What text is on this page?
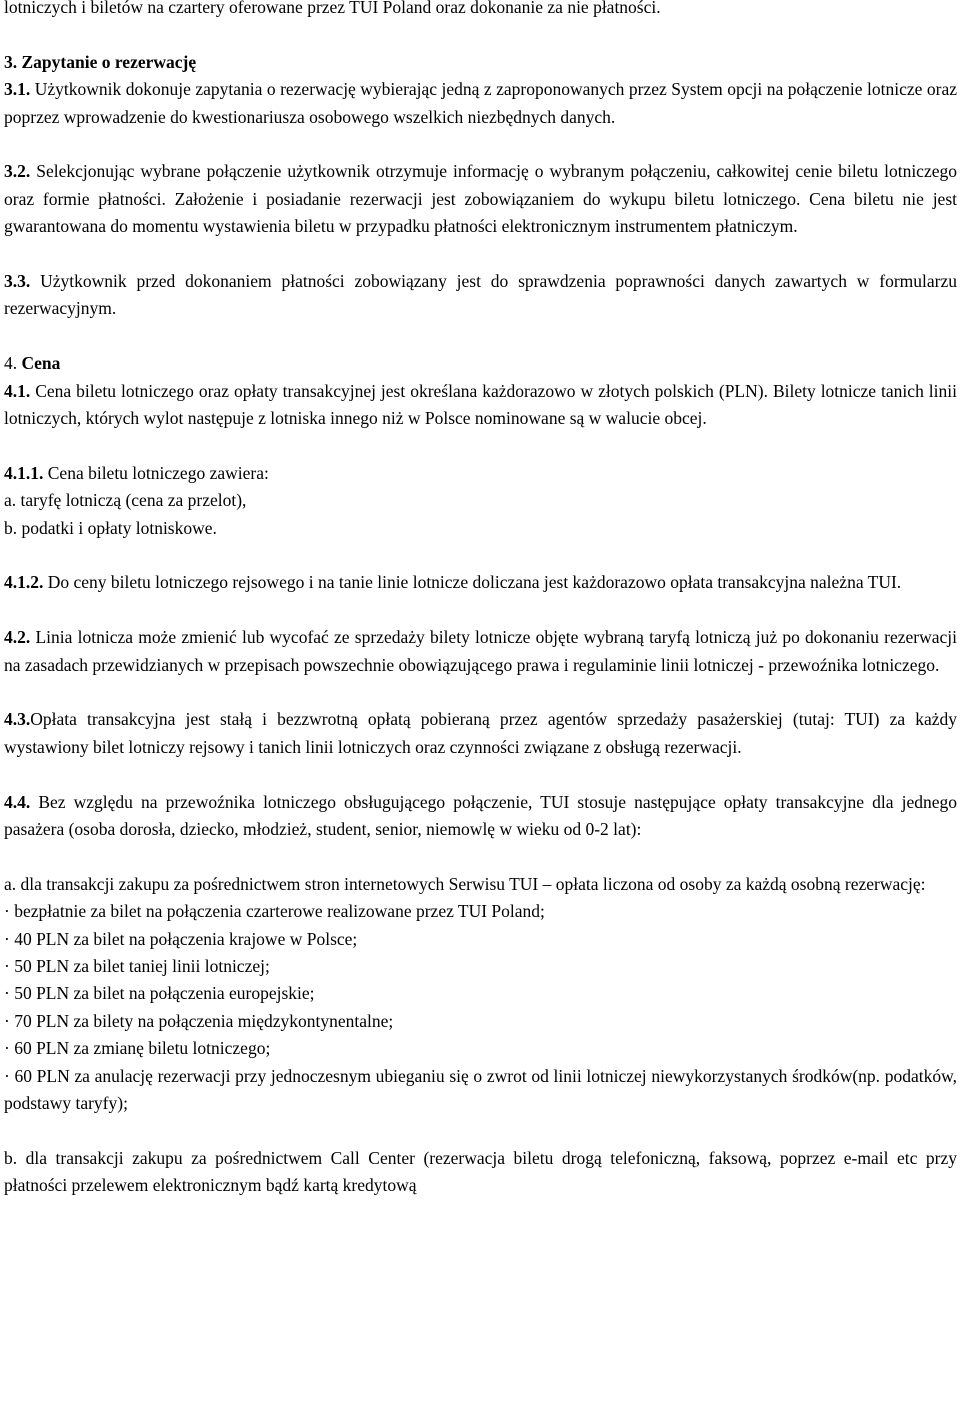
lotniczych i biletów na czartery oferowane przez TUI Poland oraz dokonanie za nie płatności.

3. Zapytanie o rezerwację

3.1. Użytkownik dokonuje zapytania o rezerwację wybierając jedną z zaproponowanych przez System opcji na połączenie lotnicze oraz poprzez wprowadzenie do kwestionariusza osobowego wszelkich niezbędnych danych.

3.2. Selekcjonując wybrane połączenie użytkownik otrzymuje informację o wybranym połączeniu, całkowitej cenie biletu lotniczego oraz formie płatności. Założenie i posiadanie rezerwacji jest zobowiązaniem do wykupu biletu lotniczego. Cena biletu nie jest gwarantowana do momentu wystawienia biletu w przypadku płatności elektronicznym instrumentem płatniczym.

3.3. Użytkownik przed dokonaniem płatności zobowiązany jest do sprawdzenia poprawności danych zawartych w formularzu rezerwacyjnym.

4. Cena

4.1. Cena biletu lotniczego oraz opłaty transakcyjnej jest określana każdorazowo w złotych polskich (PLN). Bilety lotnicze tanich linii lotniczych, których wylot następuje z lotniska innego niż w Polsce nominowane są w walucie obcej.

4.1.1. Cena biletu lotniczego zawiera:

a. taryfę lotniczą (cena za przelot),

b. podatki i opłaty lotniskowe.

4.1.2. Do ceny biletu lotniczego rejsowego i na tanie linie lotnicze doliczana jest każdorazowo opłata transakcyjna należna TUI.

4.2. Linia lotnicza może zmienić lub wycofać ze sprzedaży bilety lotnicze objęte wybraną taryfą lotniczą już po dokonaniu rezerwacji na zasadach przewidzianych w przepisach powszechnie obowiązującego prawa i regulaminie linii lotniczej - przewoźnika lotniczego.

4.3.Opłata transakcyjna jest stałą i bezzwrotną opłatą pobieraną przez agentów sprzedaży pasażerskiej (tutaj: TUI) za każdy wystawiony bilet lotniczy rejsowy i tanich linii lotniczych oraz czynności związane z obsługą rezerwacji.

4.4. Bez względu na przewoźnika lotniczego obsługującego połączenie, TUI stosuje następujące opłaty transakcyjne dla jednego pasażera (osoba dorosła, dziecko, młodzież, student, senior, niemowlę w wieku od 0-2 lat):

a. dla transakcji zakupu za pośrednictwem stron internetowych Serwisu TUI – opłata liczona od osoby za każdą osobną rezerwację:

· bezpłatnie za bilet na połączenia czarterowe realizowane przez TUI Poland;

· 40 PLN za bilet na połączenia krajowe w Polsce;

· 50 PLN za bilet taniej linii lotniczej;

· 50 PLN za bilet na połączenia europejskie;

· 70 PLN za bilety na połączenia międzykontynentalne;

· 60 PLN za zmianę biletu lotniczego;

· 60 PLN za anulację rezerwacji przy jednoczesnym ubieganiu się o zwrot od linii lotniczej niewykorzystanych środków(np. podatków, podstawy taryfy);

b. dla transakcji zakupu za pośrednictwem Call Center (rezerwacja biletu drogą telefoniczną, faksową, poprzez e-mail etc przy płatności przelewem elektronicznym bądź kartą kredytową
